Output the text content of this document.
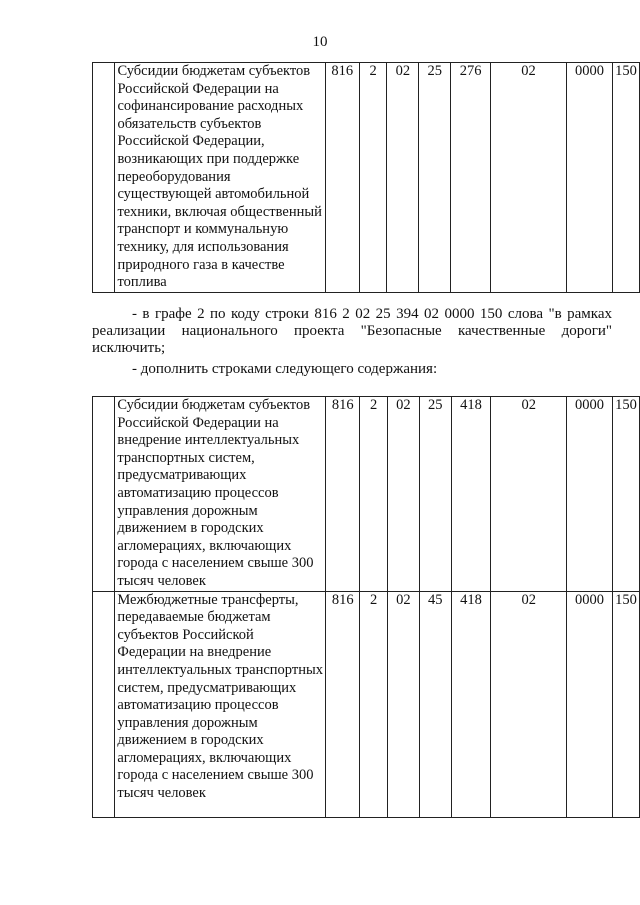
10
	Субсидии бюджетам субъектов Российской Федерации на софинансирование расходных обязательств субъектов Российской Федерации, возникающих при поддержке переоборудования существующей автомобильной техники, включая общественный транспорт и коммунальную технику, для использования природного газа в качестве топлива	816	2	02	25	276	02	0000	150

- в графе 2 по коду строки 816 2 02 25 394 02 0000 150 слова "в рамках реализации национального проекта "Безопасные качественные дороги" исключить;

- дополнить строками следующего содержания:

	Субсидии бюджетам субъектов Российской Федерации на внедрение интеллектуальных транспортных систем, предусматривающих автоматизацию процессов управления дорожным движением в городских агломерациях, включающих города с населением свыше 300 тысяч человек	816	2	02	25	418	02	0000	150
	Межбюджетные трансферты, передаваемые бюджетам субъектов Российской Федерации на внедрение интеллектуальных транспортных систем, предусматривающих автоматизацию процессов управления дорожным движением в городских агломерациях, включающих города с населением свыше 300 тысяч человек	816	2	02	45	418	02	0000	150
